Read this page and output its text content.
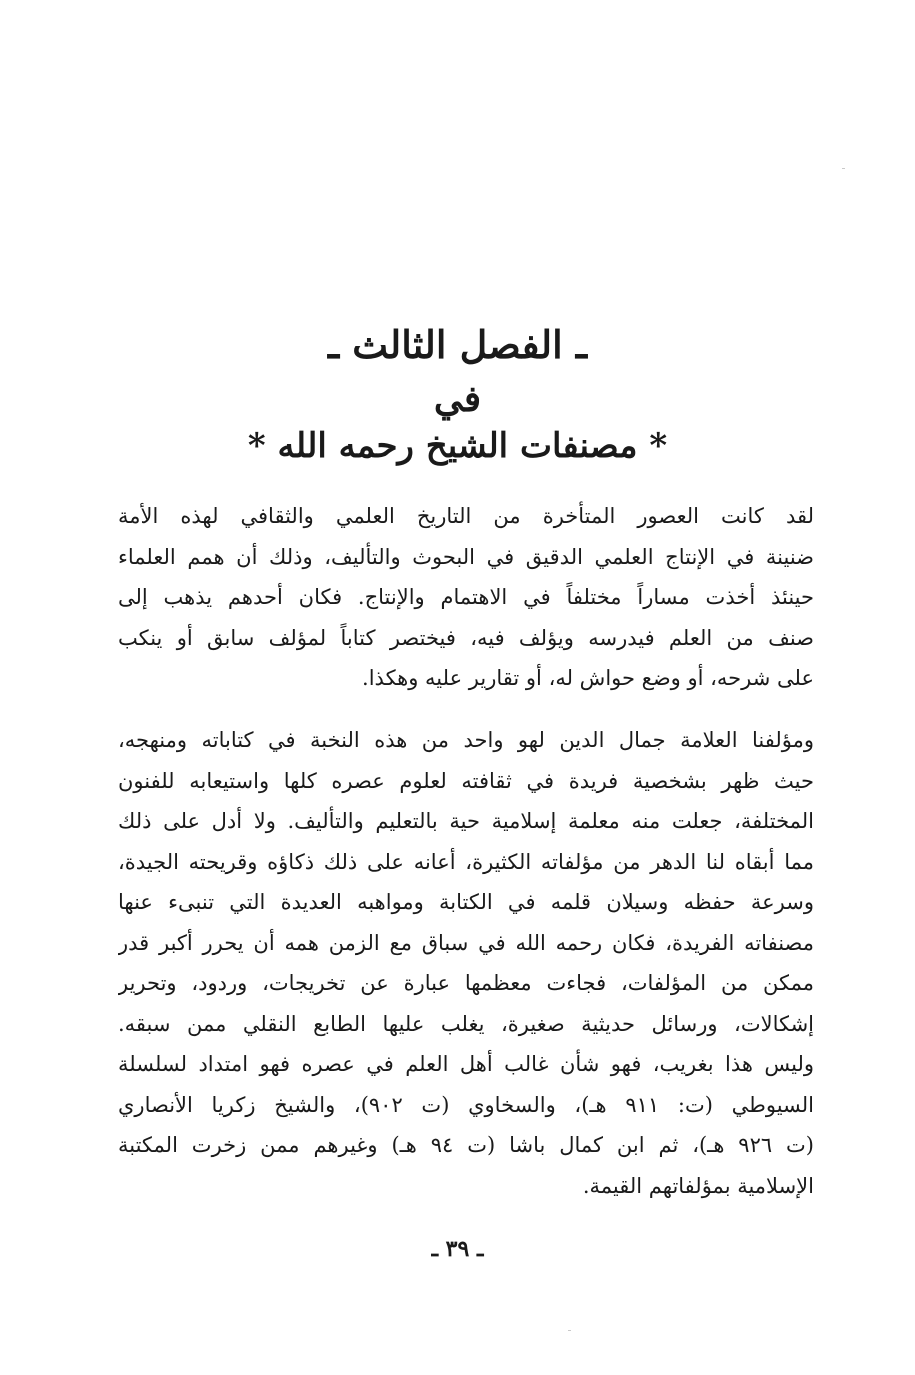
ـ الفصل الثالث ـ
في
* مصنفات الشيخ رحمه الله *
لقد كانت العصور المتأخرة من التاريخ العلمي والثقافي لهذه الأمة
ضنينة في الإنتاج العلمي الدقيق في البحوث والتأليف، وذلك أن همم العلماء
حينئذ أخذت مساراً مختلفاً في الاهتمام والإنتاج. فكان أحدهم يذهب إلى
صنف من العلم فيدرسه ويؤلف فيه، فيختصر كتاباً لمؤلف سابق أو ينكب
على شرحه، أو وضع حواش له، أو تقارير عليه وهكذا.
ومؤلفنا العلامة جمال الدين لهو واحد من هذه النخبة في كتاباته ومنهجه،
حيث ظهر بشخصية فريدة في ثقافته لعلوم عصره كلها واستيعابه للفنون
المختلفة، جعلت منه معلمة إسلامية حية بالتعليم والتأليف. ولا أدل على ذلك
مما أبقاه لنا الدهر من مؤلفاته الكثيرة، أعانه على ذلك ذكاؤه وقريحته الجيدة،
وسرعة حفظه وسيلان قلمه في الكتابة ومواهبه العديدة التي تنبىء عنها
مصنفاته الفريدة، فكان رحمه الله في سباق مع الزمن همه أن يحرر أكبر قدر
ممكن من المؤلفات، فجاءت معظمها عبارة عن تخريجات، وردود، وتحرير
إشكالات، ورسائل حديثية صغيرة، يغلب عليها الطابع النقلي ممن سبقه.
وليس هذا بغريب، فهو شأن غالب أهل العلم في عصره فهو امتداد لسلسلة
السيوطي (ت: ٩١١ هـ)، والسخاوي (ت ٩٠٢)، والشيخ زكريا الأنصاري
(ت ٩٢٦ هـ)، ثم ابن كمال باشا (ت ٩٤ هـ) وغيرهم ممن زخرت المكتبة
الإسلامية بمؤلفاتهم القيمة.
ـ ٣٩ ـ
